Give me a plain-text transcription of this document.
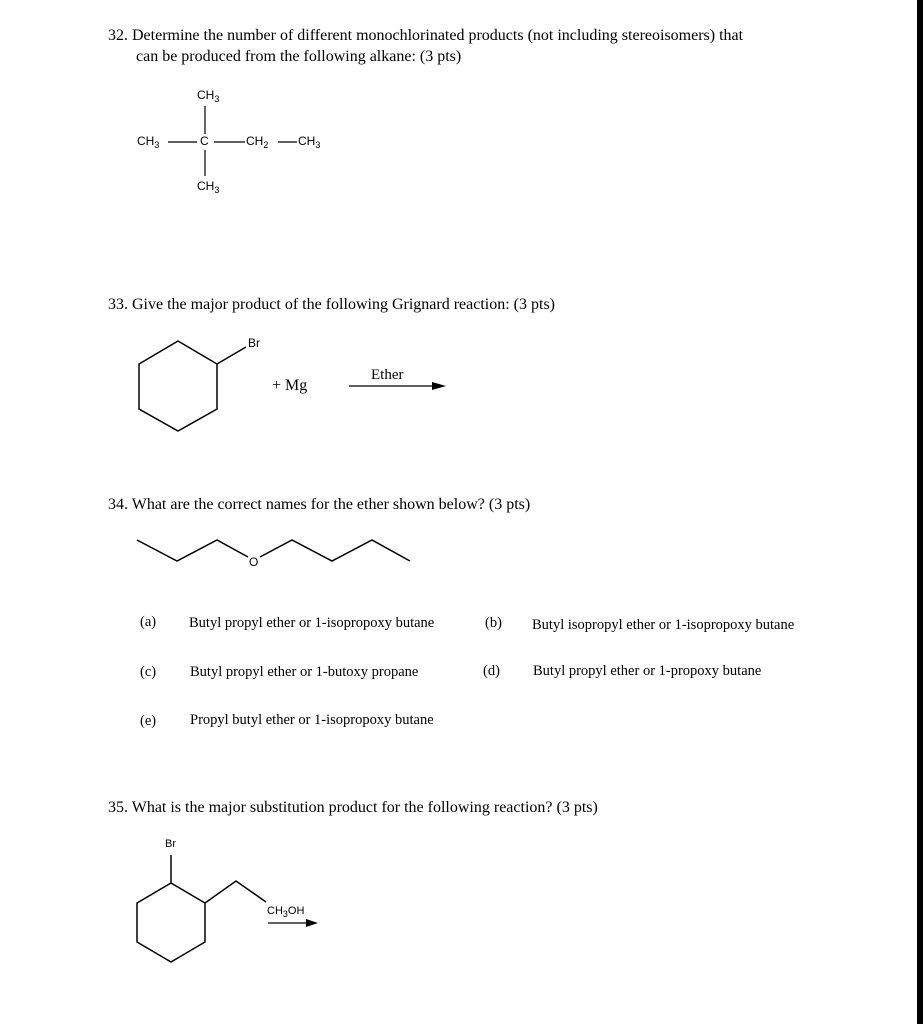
32. Determine the number of different monochlorinated products (not including stereoisomers) that
can be produced from the following alkane: (3 pts)
$CH_3$
$CH_3$	C	$CH_2$ $CH_3$
$CH_3$
33. Give the major product of the following Grignard reaction: (3 pts)
Br
+ Mg
Ether
34. What are the correct names for the ether shown below? (3 pts)
O
(a) Butyl propyl ether or 1-isopropoxy butane	(b) Butyl isopropyl ether or 1-isopropoxy butane
(c) Butyl propyl ether or 1-butoxy propane	(d) Butyl propyl ether or 1-propoxy butane
(e) Propyl butyl ether or 1-isopropoxy butane
35. What is the major substitution product for the following reaction? (3 pts)
Br
$CH_3OH$
